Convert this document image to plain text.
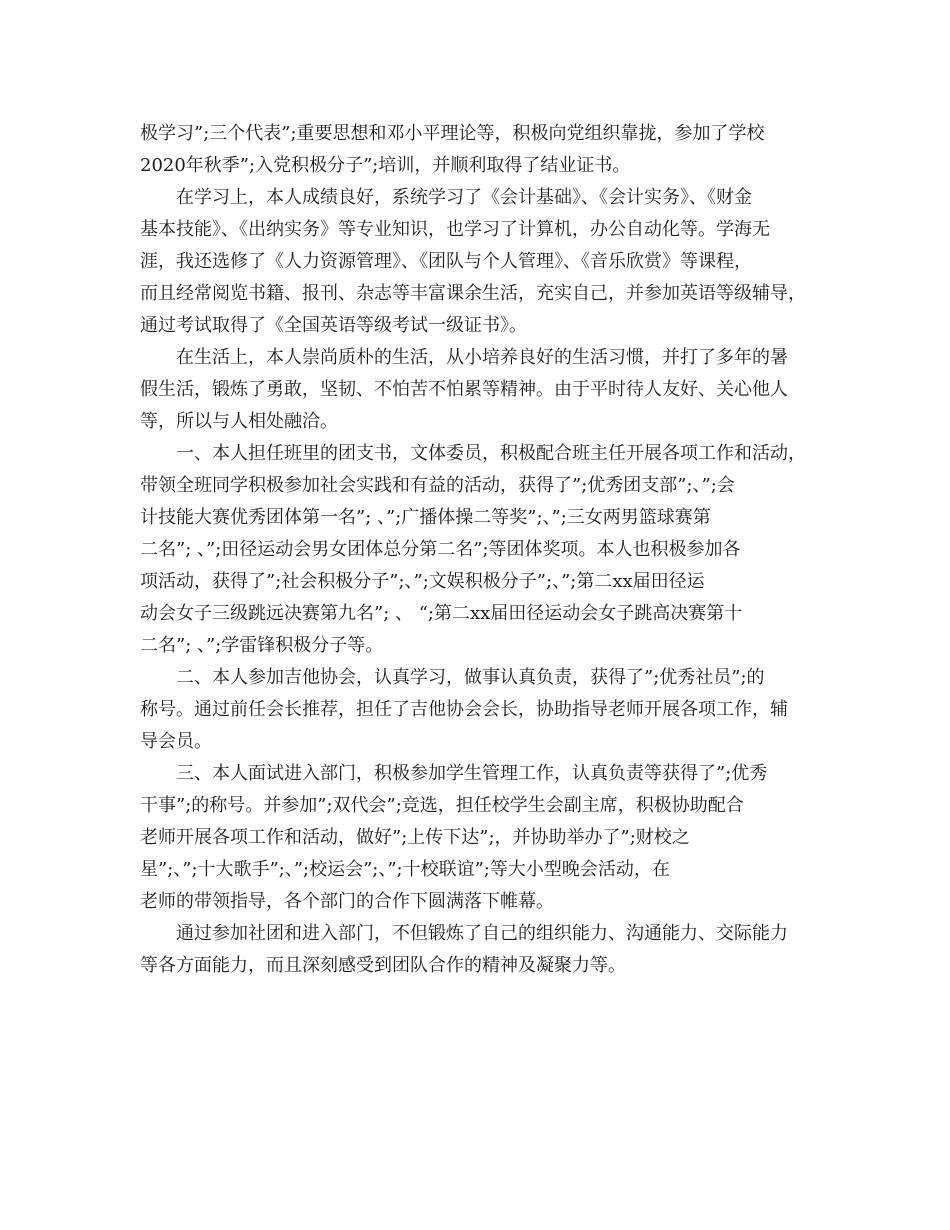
极学习”;三个代表”;重要思想和邓小平理论等，积极向党组织靠拢，参加了学校
2020年秋季”;入党积极分子”;培训，并顺利取得了结业证书。
在学习上，本人成绩良好，系统学习了《会计基础》、《会计实务》、《财金
基本技能》、《出纳实务》等专业知识，也学习了计算机，办公自动化等。学海无
涯，我还选修了《人力资源管理》、《团队与个人管理》、《音乐欣赏》等课程，
而且经常阅览书籍、报刊、杂志等丰富课余生活，充实自己，并参加英语等级辅导，
通过考试取得了《全国英语等级考试一级证书》。
在生活上，本人崇尚质朴的生活，从小培养良好的生活习惯，并打了多年的暑
假生活，锻炼了勇敢，坚韧、不怕苦不怕累等精神。由于平时待人友好、关心他人
等，所以与人相处融洽。
一、本人担任班里的团支书，文体委员，积极配合班主任开展各项工作和活动，
带领全班同学积极参加社会实践和有益的活动，获得了”;优秀团支部”;、”;会
计技能大赛优秀团体第一名”; 、”;广播体操二等奖”;、”;三女两男篮球赛第
二名”; 、”;田径运动会男女团体总分第二名”;等团体奖项。本人也积极参加各
项活动，获得了”;社会积极分子”;、”;文娱积极分子”;、”;第二xx届田径运
动会女子三级跳远决赛第九名”; 、 “;第二xx届田径运动会女子跳高决赛第十
二名”; 、”;学雷锋积极分子等。
二、本人参加吉他协会，认真学习，做事认真负责，获得了”;优秀社员”;的
称号。通过前任会长推荐，担任了吉他协会会长，协助指导老师开展各项工作，辅
导会员。
三、本人面试进入部门，积极参加学生管理工作，认真负责等获得了”;优秀
干事”;的称号。并参加”;双代会”;竞选，担任校学生会副主席，积极协助配合
老师开展各项工作和活动，做好”;上传下达”;，并协助举办了”;财校之
星”;、”;十大歌手”;、”;校运会”;、”;十校联谊”;等大小型晚会活动，在
老师的带领指导，各个部门的合作下圆满落下帷幕。
通过参加社团和进入部门，不但锻炼了自己的组织能力、沟通能力、交际能力
等各方面能力，而且深刻感受到团队合作的精神及凝聚力等。
